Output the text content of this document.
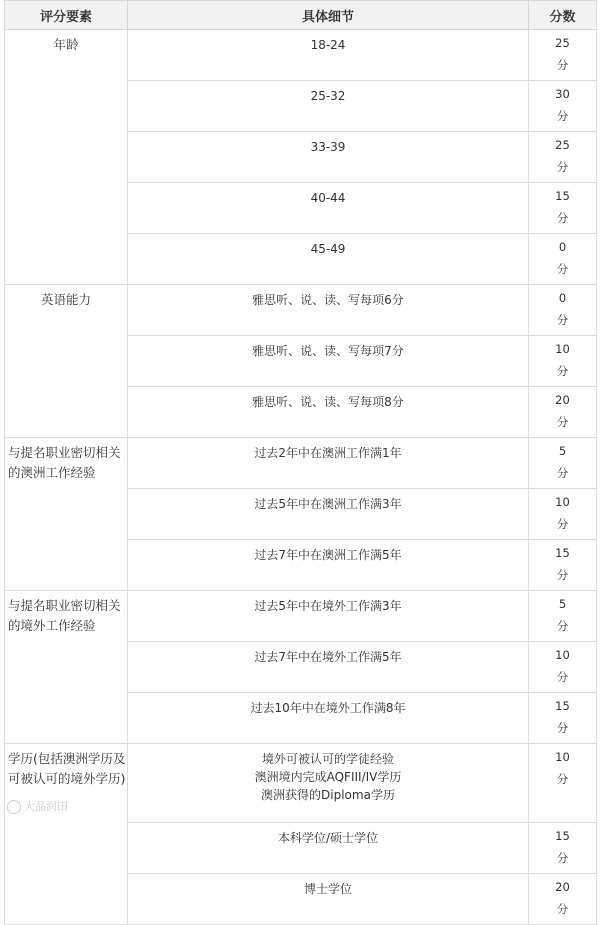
评分要素	具体细节	分数
年龄	18-24	25
分

	25-32	30
分

	33-39	25
分

	40-44	15
分

	45-49	0
分

英语能力	雅思听、说、读、写每项6分	0
分

	雅思听、说、读、写每项7分	10
分

	雅思听、说、读、写每项8分	20
分

与提名职业密切相关
的澳洲工作经验	过去2年中在澳洲工作满1年	5
分

	过去5年中在澳洲工作满3年	10
分

	过去7年中在澳洲工作满5年	15
分

与提名职业密切相关
的境外工作经验	过去5年中在境外工作满3年	5
分

	过去7年中在境外工作满5年	10
分

	过去10年中在境外工作满8年	15
分

学历(包括澳洲学历及
可被认可的境外学历)	境外可被认可的学徒经验
澳洲境内完成AQFIII/IV学历
澳洲获得的Diploma学历	10
分

	本科学位/硕士学位	15
分

	博士学位	20
分
大品润田
